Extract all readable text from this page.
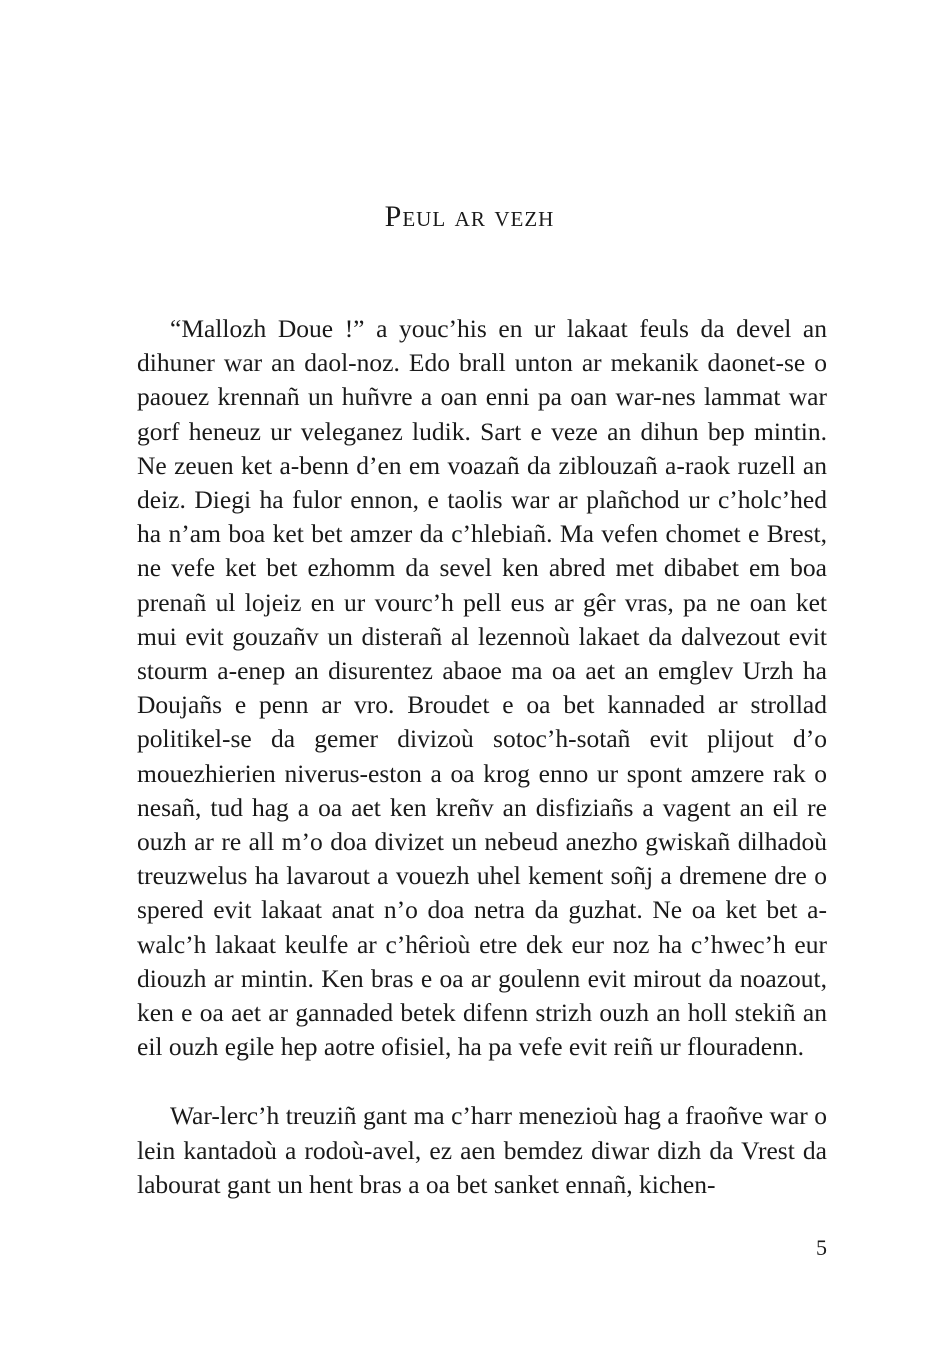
Peul ar vezh

“Mallozh Doue !” a youc’his en ur lakaat feuls da devel an dihuner war an daol-noz. Edo brall unton ar mekanik daonet-se o paouez krennañ un huñvre a oan enni pa oan war-nes lammat war gorf heneuz ur veleganez ludik. Sart e veze an dihun bep mintin. Ne zeuen ket a-benn d’en em voazañ da ziblouzañ a-raok ruzell an deiz. Diegi ha fulor ennon, e taolis war ar plañchod ur c’holc’hed ha n’am boa ket bet amzer da c’hlebiañ. Ma vefen chomet e Brest, ne vefe ket bet ezhomm da sevel ken abred met dibabet em boa prenañ ul lojeiz en ur vourc’h pell eus ar gêr vras, pa ne oan ket mui evit gouzañv un disterañ al lezennoù lakaet da dalvezout evit stourm a-enep an disurentez abaoe ma oa aet an emglev Urzh ha Doujañs e penn ar vro. Broudet e oa bet kannaded ar strollad politikel-se da gemer divizoù sotoc’h-sotañ evit plijout d’o mouezhierien niverus-eston a oa krog enno ur spont amzere rak o nesañ, tud hag a oa aet ken kreñv an disfiziañs a vagent an eil re ouzh ar re all m’o doa divizet un nebeud anezho gwiskañ dilhadoù treuzwelus ha lavarout a vouezh uhel kement soñj a dremene dre o spered evit lakaat anat n’o doa netra da guzhat. Ne oa ket bet a-walc’h lakaat keulfe ar c’hêrioù etre dek eur noz ha c’hwec’h eur diouzh ar mintin. Ken bras e oa ar goulenn evit mirout da noazout, ken e oa aet ar gannaded betek difenn strizh ouzh an holl stekiñ an eil ouzh egile hep aotre ofisiel, ha pa vefe evit reiñ ur flouradenn.

War-lerc’h treuziñ gant ma c’harr menezioù hag a fraoñve war o lein kantadoù a rodoù-avel, ez aen bemdez diwar dizh da Vrest da labourat gant un hent bras a oa bet sanket ennañ, kichen-

5
